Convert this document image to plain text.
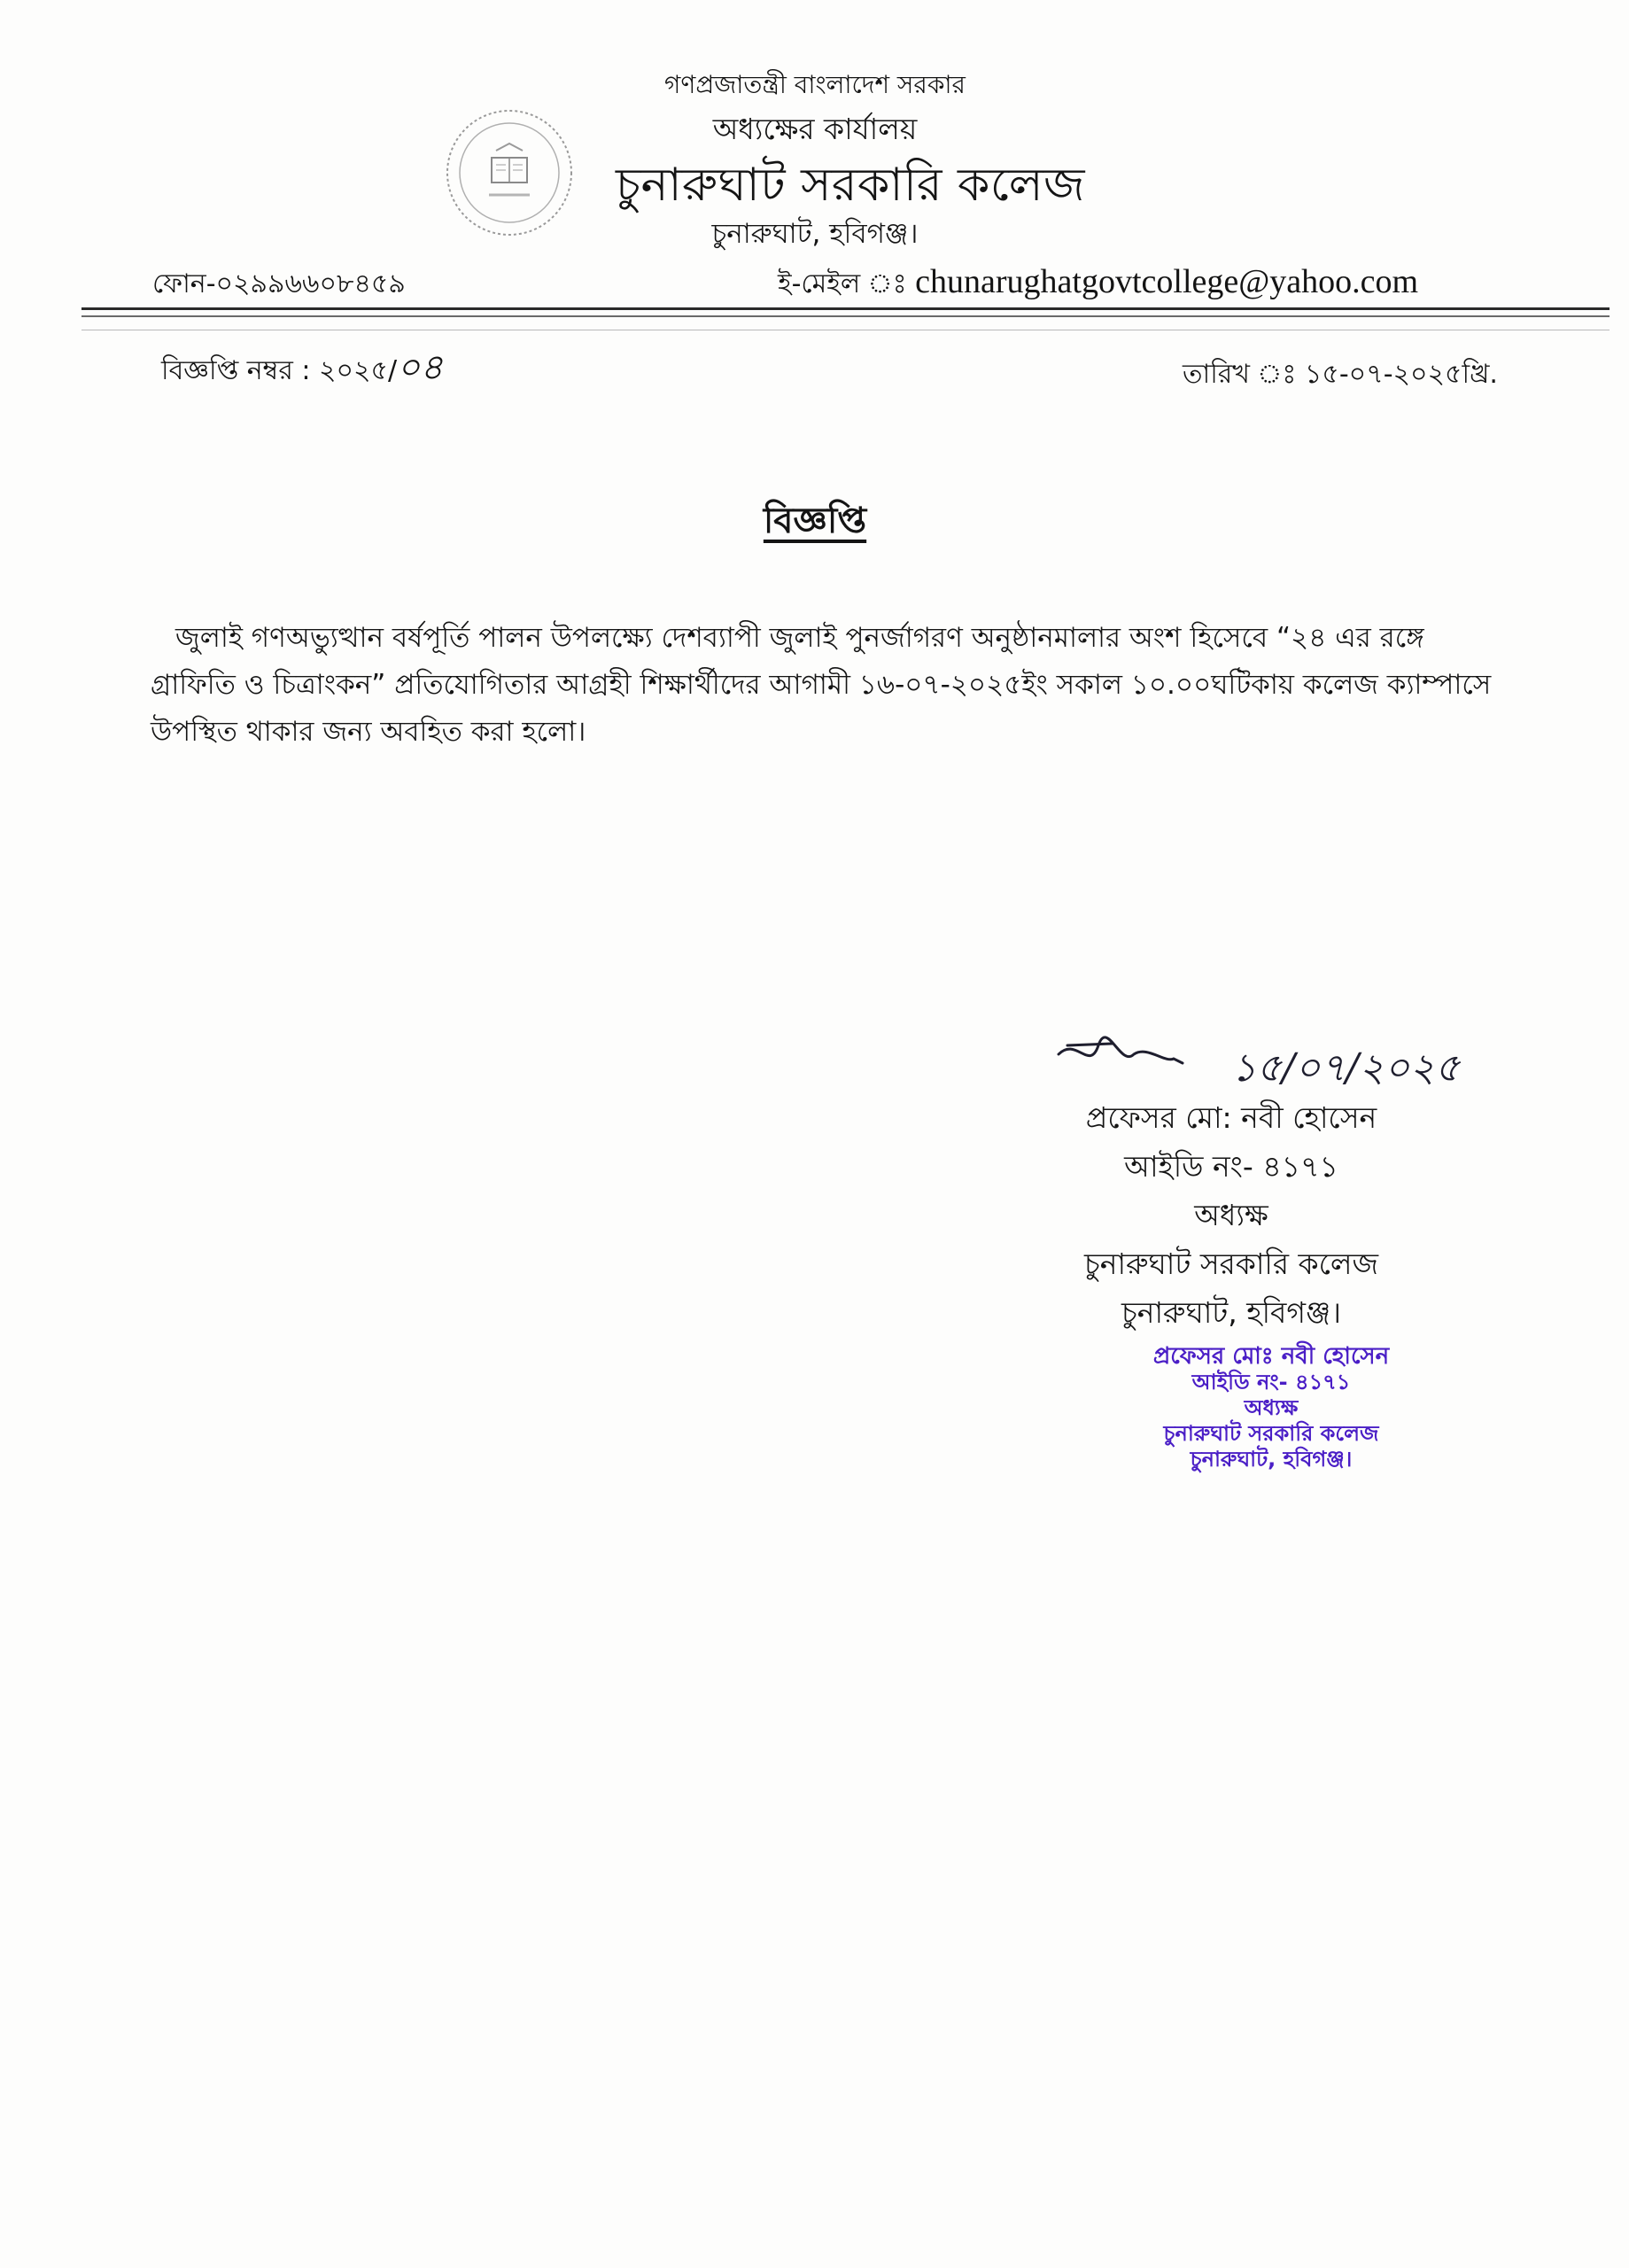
গণপ্রজাতন্ত্রী বাংলাদেশ সরকার
অধ্যক্ষের কার্যালয়
চুনারুঘাট সরকারি কলেজ
চুনারুঘাট, হবিগঞ্জ।
ফোন-০২৯৯৬৬০৮৪৫৯	ই-মেইল ঃ chunarughatgovtcollege@yahoo.com
বিজ্ঞপ্তি নম্বর : ২০২৫/০৪	তারিখ ঃ ১৫-০৭-২০২৫খ্রি.
বিজ্ঞপ্তি
জুলাই গণঅভ্যুত্থান বর্ষপূর্তি পালন উপলক্ষ্যে দেশব্যাপী জুলাই পুনর্জাগরণ অনুষ্ঠানমালার অংশ হিসেবে “২৪ এর রঙ্গে গ্রাফিতি ও চিত্রাংকন” প্রতিযোগিতার আগ্রহী শিক্ষার্থীদের আগামী ১৬-০৭-২০২৫ইং সকাল ১০.০০ঘটিকায় কলেজ ক্যাম্পাসে উপস্থিত থাকার জন্য অবহিত করা হলো।
১৫/০৭/২০২৫
প্রফেসর মো: নবী হোসেন
আইডি নং- ৪১৭১
অধ্যক্ষ
চুনারুঘাট সরকারি কলেজ
চুনারুঘাট, হবিগঞ্জ।
প্রফেসর মোঃ নবী হোসেন
আইডি নং- ৪১৭১
অধ্যক্ষ
চুনারুঘাট সরকারি কলেজ
চুনারুঘাট, হবিগঞ্জ।
